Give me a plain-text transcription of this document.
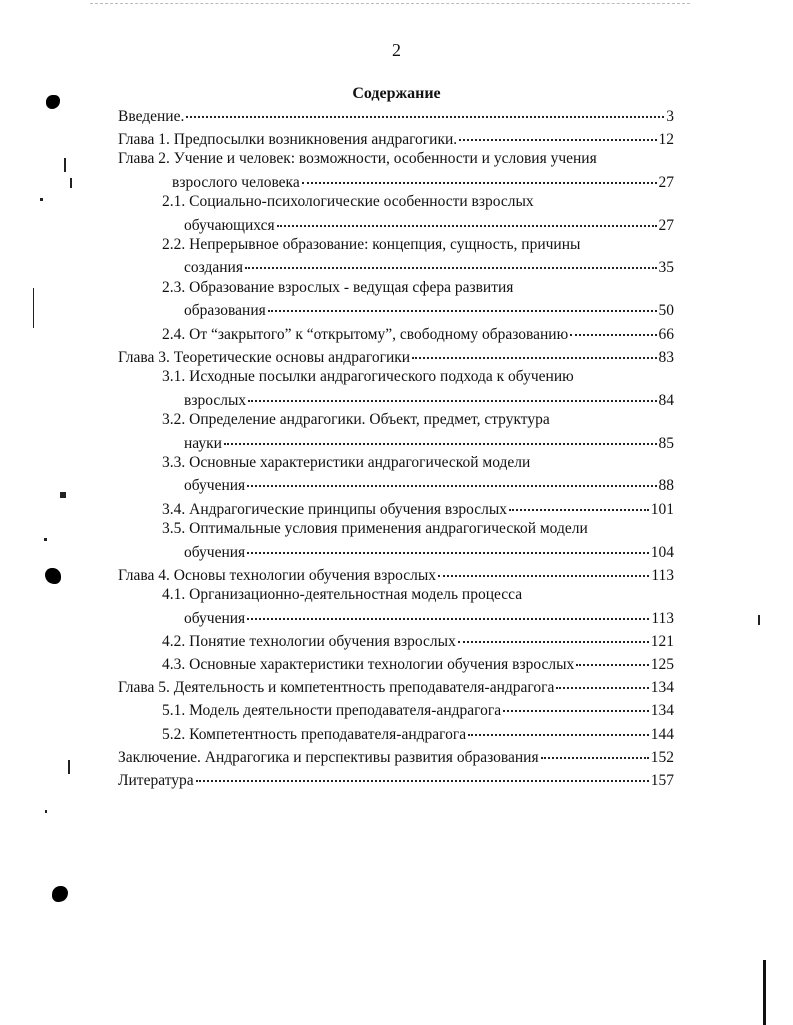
2
Содержание
Введение.	3
Глава 1. Предпосылки возникновения андрагогики.	12
Глава 2. Учение и человек: возможности, особенности и условия учения
взрослого человека	27
2.1. Социально-психологические особенности взрослых
обучающихся	27
2.2. Непрерывное образование: концепция, сущность, причины
создания	35
2.3. Образование взрослых - ведущая сфера развития
образования	50
2.4. От “закрытого” к “открытому”, свободному образованию	66
Глава 3. Теоретические основы андрагогики	83
3.1. Исходные посылки андрагогического подхода к обучению
взрослых	84
3.2. Определение андрагогики. Объект, предмет, структура
науки	85
3.3. Основные характеристики андрагогической модели
обучения	88
3.4. Андрагогические принципы обучения взрослых	101
3.5. Оптимальные условия применения андрагогической модели
обучения	104
Глава 4. Основы технологии обучения взрослых	113
4.1. Организационно-деятельностная модель процесса
обучения	113
4.2. Понятие технологии обучения взрослых	121
4.3. Основные характеристики технологии обучения взрослых	125
Глава 5. Деятельность и компетентность преподавателя-андрагога	134
5.1. Модель деятельности преподавателя-андрагога	134
5.2. Компетентность преподавателя-андрагога	144
Заключение. Андрагогика и перспективы развития образования	152
Литература	157
